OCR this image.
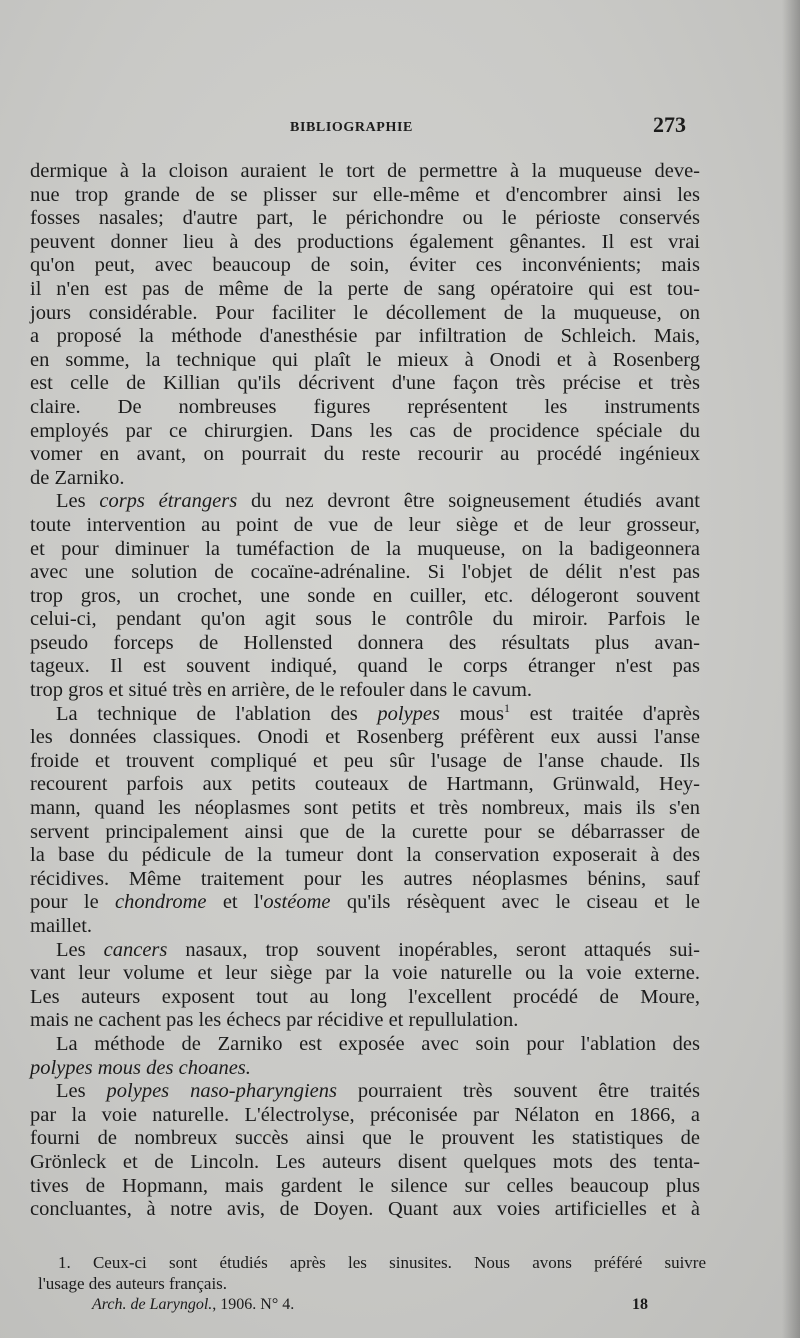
BIBLIOGRAPHIE	273
dermique à la cloison auraient le tort de permettre à la muqueuse deve-
nue trop grande de se plisser sur elle-même et d'encombrer ainsi les
fosses nasales; d'autre part, le périchondre ou le périoste conservés
peuvent donner lieu à des productions également gênantes. Il est vrai
qu'on peut, avec beaucoup de soin, éviter ces inconvénients; mais
il n'en est pas de même de la perte de sang opératoire qui est tou-
jours considérable. Pour faciliter le décollement de la muqueuse, on
a proposé la méthode d'anesthésie par infiltration de Schleich. Mais,
en somme, la technique qui plaît le mieux à Onodi et à Rosenberg
est celle de Killian qu'ils décrivent d'une façon très précise et très
claire. De nombreuses figures représentent les instruments
employés par ce chirurgien. Dans les cas de procidence spéciale du
vomer en avant, on pourrait du reste recourir au procédé ingénieux
de Zarniko.
Les corps étrangers du nez devront être soigneusement étudiés avant
toute intervention au point de vue de leur siège et de leur grosseur,
et pour diminuer la tuméfaction de la muqueuse, on la badigeonnera
avec une solution de cocaïne-adrénaline. Si l'objet de délit n'est pas
trop gros, un crochet, une sonde en cuiller, etc. délogeront souvent
celui-ci, pendant qu'on agit sous le contrôle du miroir. Parfois le
pseudo forceps de Hollensted donnera des résultats plus avan-
tageux. Il est souvent indiqué, quand le corps étranger n'est pas
trop gros et situé très en arrière, de le refouler dans le cavum.
La technique de l'ablation des polypes mous$^1$ est traitée d'après
les données classiques. Onodi et Rosenberg préfèrent eux aussi l'anse
froide et trouvent compliqué et peu sûr l'usage de l'anse chaude. Ils
recourent parfois aux petits couteaux de Hartmann, Grünwald, Hey-
mann, quand les néoplasmes sont petits et très nombreux, mais ils s'en
servent principalement ainsi que de la curette pour se débarrasser de
la base du pédicule de la tumeur dont la conservation exposerait à des
récidives. Même traitement pour les autres néoplasmes bénins, sauf
pour le chondrome et l'ostéome qu'ils résèquent avec le ciseau et le
maillet.
Les cancers nasaux, trop souvent inopérables, seront attaqués sui-
vant leur volume et leur siège par la voie naturelle ou la voie externe.
Les auteurs exposent tout au long l'excellent procédé de Moure,
mais ne cachent pas les échecs par récidive et repullulation.
La méthode de Zarniko est exposée avec soin pour l'ablation des
polypes mous des choanes.
Les polypes naso-pharyngiens pourraient très souvent être traités
par la voie naturelle. L'électrolyse, préconisée par Nélaton en 1866, a
fourni de nombreux succès ainsi que le prouvent les statistiques de
Grönleck et de Lincoln. Les auteurs disent quelques mots des tenta-
tives de Hopmann, mais gardent le silence sur celles beaucoup plus
concluantes, à notre avis, de Doyen. Quant aux voies artificielles et à
1. Ceux-ci sont étudiés après les sinusites. Nous avons préféré suivre
l'usage des auteurs français.
Arch. de Laryngol., 1906. N° 4.	18
